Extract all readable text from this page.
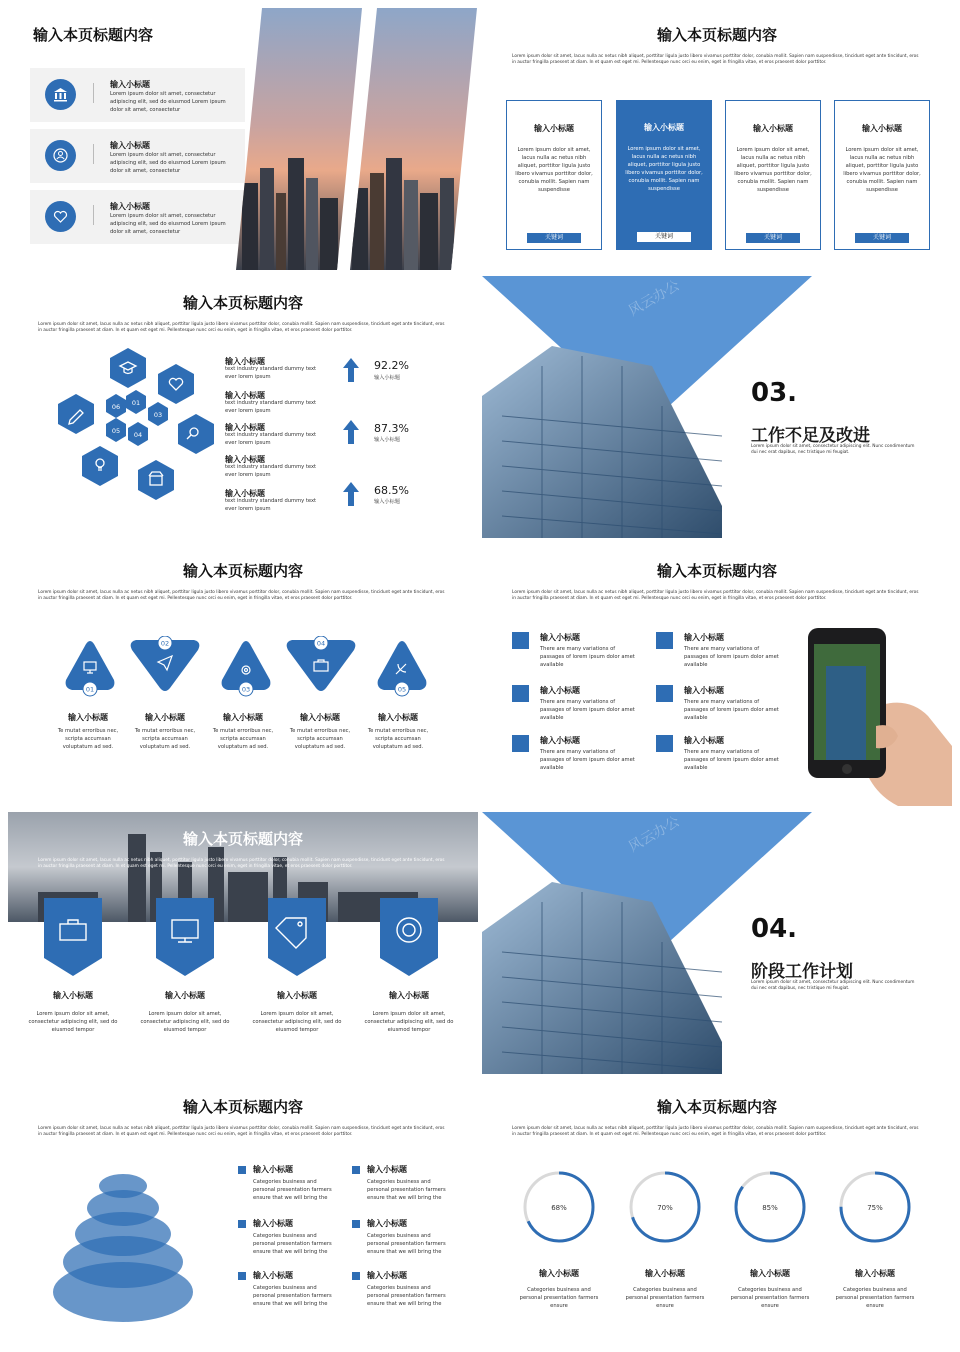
输入本页标题内容
输入小标题
Lorem ipsum dolor sit amet, consectetur adipiscing elit, sed do eiusmod Lorem ipsum dolor sit amet, consectetur
输入小标题
Lorem ipsum dolor sit amet, consectetur adipiscing elit, sed do eiusmod Lorem ipsum dolor sit amet, consectetur
输入小标题
Lorem ipsum dolor sit amet, consectetur adipiscing elit, sed do eiusmod Lorem ipsum dolor sit amet, consectetur
输入本页标题内容
Lorem ipsum dolor sit amet, lacus nulla ac netus nibh aliquet, porttitor ligula justo libero vivamus porttitor dolor, conubia mollit. Sapien nam suspendisse, tincidunt eget ante tincidunt, eros in auctor fringilla praesent at diam. In et quam est eget mi. Pellentesque nunc orci eu enim, eget in fringilla vitae, et eros praesent dolor porttitor.
输入小标题
Lorem ipsum dolor sit amet, lacus nulla ac netus nibh aliquet, porttitor ligula justo libero vivamus porttitor dolor, conubia mollit. Sapien nam suspendisse
关键词
输入小标题
Lorem ipsum dolor sit amet, lacus nulla ac netus nibh aliquet, porttitor ligula justo libero vivamus porttitor dolor, conubia mollit. Sapien nam suspendisse
关键词
输入小标题
Lorem ipsum dolor sit amet, lacus nulla ac netus nibh aliquet, porttitor ligula justo libero vivamus porttitor dolor, conubia mollit. Sapien nam suspendisse
关键词
输入小标题
Lorem ipsum dolor sit amet, lacus nulla ac netus nibh aliquet, porttitor ligula justo libero vivamus porttitor dolor, conubia mollit. Sapien nam suspendisse
关键词
输入本页标题内容
Lorem ipsum dolor sit amet, lacus nulla ac netus nibh aliquet, porttitor ligula justo libero vivamus porttitor dolor, conubia mollit. Sapien nam suspendisse, tincidunt eget ante tincidunt, eros in auctor fringilla praesent at diam. In et quam est eget mi. Pellentesque nunc orci eu enim, eget in fringilla vitae, et eros praesent dolor porttitor.
01
03
04
05
06
输入小标题
text industry standard dummy text ever lorem ipsum
输入小标题
text industry standard dummy text ever lorem ipsum
输入小标题
text industry standard dummy text ever lorem ipsum
输入小标题
text industry standard dummy text ever lorem ipsum
输入小标题
text industry standard dummy text ever lorem ipsum
92.2%
输入小标题
87.3%
输入小标题
68.5%
输入小标题
风云办公
03.
工作不足及改进
Lorem ipsum dolor sit amet, consectetur adipiscing elit. Nunc condimentum dui nec erat dapibus, nec tristique mi feugiat.
输入本页标题内容
Lorem ipsum dolor sit amet, lacus nulla ac netus nibh aliquet, porttitor ligula justo libero vivamus porttitor dolor, conubia mollit. Sapien nam suspendisse, tincidunt eget ante tincidunt, eros in auctor fringilla praesent at diam. In et quam est eget mi. Pellentesque nunc orci eu enim, eget in fringilla vitae, et eros praesent dolor porttitor.
01
02
03
04
05
输入小标题
Te mutat erroribus nec, scripta accumsan voluptatum ad sed.
输入小标题
Te mutat erroribus nec, scripta accumsan voluptatum ad sed.
输入小标题
Te mutat erroribus nec, scripta accumsan voluptatum ad sed.
输入小标题
Te mutat erroribus nec, scripta accumsan voluptatum ad sed.
输入小标题
Te mutat erroribus nec, scripta accumsan voluptatum ad sed.
输入本页标题内容
Lorem ipsum dolor sit amet, lacus nulla ac netus nibh aliquet, porttitor ligula justo libero vivamus porttitor dolor, conubia mollit. Sapien nam suspendisse, tincidunt eget ante tincidunt, eros in auctor fringilla praesent at diam. In et quam est eget mi. Pellentesque nunc orci eu enim, eget in fringilla vitae, et eros praesent dolor porttitor.
输入小标题
There are many variations of passages of lorem ipsum dolor amet available
输入小标题
There are many variations of passages of lorem ipsum dolor amet available
输入小标题
There are many variations of passages of lorem ipsum dolor amet available
输入小标题
There are many variations of passages of lorem ipsum dolor amet available
输入小标题
There are many variations of passages of lorem ipsum dolor amet available
输入小标题
There are many variations of passages of lorem ipsum dolor amet available
输入本页标题内容
Lorem ipsum dolor sit amet, lacus nulla ac netus nibh aliquet, porttitor ligula justo libero vivamus porttitor dolor, conubia mollit. Sapien nam suspendisse, tincidunt eget ante tincidunt, eros in auctor fringilla praesent at diam. In et quam est eget mi. Pellentesque nunc orci eu enim, eget in fringilla vitae, et eros praesent dolor porttitor.
输入小标题
Lorem ipsum dolor sit amet, consectetur adipiscing elit, sed do eiusmod tempor
输入小标题
Lorem ipsum dolor sit amet, consectetur adipiscing elit, sed do eiusmod tempor
输入小标题
Lorem ipsum dolor sit amet, consectetur adipiscing elit, sed do eiusmod tempor
输入小标题
Lorem ipsum dolor sit amet, consectetur adipiscing elit, sed do eiusmod tempor
风云办公
04.
阶段工作计划
Lorem ipsum dolor sit amet, consectetur adipiscing elit. Nunc condimentum dui nec erat dapibus, nec tristique mi feugiat.
输入本页标题内容
Lorem ipsum dolor sit amet, lacus nulla ac netus nibh aliquet, porttitor ligula justo libero vivamus porttitor dolor, conubia mollit. Sapien nam suspendisse, tincidunt eget ante tincidunt, eros in auctor fringilla praesent at diam. In et quam est eget mi. Pellentesque nunc orci eu enim, eget in fringilla vitae, et eros praesent dolor porttitor.
输入小标题
Categories business and personal presentation farmers ensure that we will bring the
输入小标题
Categories business and personal presentation farmers ensure that we will bring the
输入小标题
Categories business and personal presentation farmers ensure that we will bring the
输入小标题
Categories business and personal presentation farmers ensure that we will bring the
输入小标题
Categories business and personal presentation farmers ensure that we will bring the
输入小标题
Categories business and personal presentation farmers ensure that we will bring the
输入本页标题内容
Lorem ipsum dolor sit amet, lacus nulla ac netus nibh aliquet, porttitor ligula justo libero vivamus porttitor dolor, conubia mollit. Sapien nam suspendisse, tincidunt eget ante tincidunt, eros in auctor fringilla praesent at diam. In et quam est eget mi. Pellentesque nunc orci eu enim, eget in fringilla vitae, et eros praesent dolor porttitor.
68%	70%	85%	75%
输入小标题
Categories business and personal presentation farmers ensure
输入小标题
Categories business and personal presentation farmers ensure
输入小标题
Categories business and personal presentation farmers ensure
输入小标题
Categories business and personal presentation farmers ensure
